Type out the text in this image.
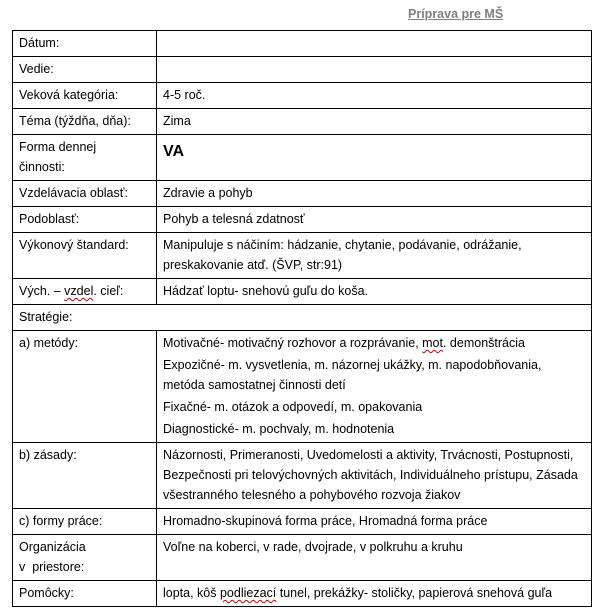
Príprava pre MŠ
Dátum:	
Vedie:	
Veková kategória:	4-5 roč.
Téma (týždňa, dňa):	Zima

Forma dennej
činnosti:	VA

Vzdelávacia oblasť:	Zdravie a pohyb
Podoblasť:	Pohyb a telesná zdatnosť
Výkonový štandard:	Manipuluje s náčiním: hádzanie, chytanie, podávanie, odrážanie, preskakovanie atď. (ŠVP, str:91)
Vých. – vzdel. cieľ:	Hádzať loptu- snehovú guľu do koša.
Stratégie:	
a) metódy:	Motivačné- motivačný rozhovor a rozprávanie, mot. demonštrácia
Expozičné- m. vysvetlenia, m. názornej ukážky, m. napodobňovania, metóda samostatnej činnosti detí
Fixačné- m. otázok a odpovedí, m. opakovania
Diagnostické- m. pochvaly, m. hodnotenia

b) zásady:	Názornosti, Primeranosti, Uvedomelosti a aktivity, Trvácnosti, Postupnosti, Bezpečnosti pri telovýchovných aktivitách, Individuálneho prístupu, Zásada všestranného telesného a pohybového rozvoja žiakov
c) formy práce:	Hromadno-skupinová forma práce, Hromadná forma práce

Organizácia
v  priestore:	Voľne na koberci, v rade, dvojrade, v polkruhu a kruhu
Pomôcky:	lopta, kôš podliezací tunel, prekážky- stoličky, papierová snehová guľa
